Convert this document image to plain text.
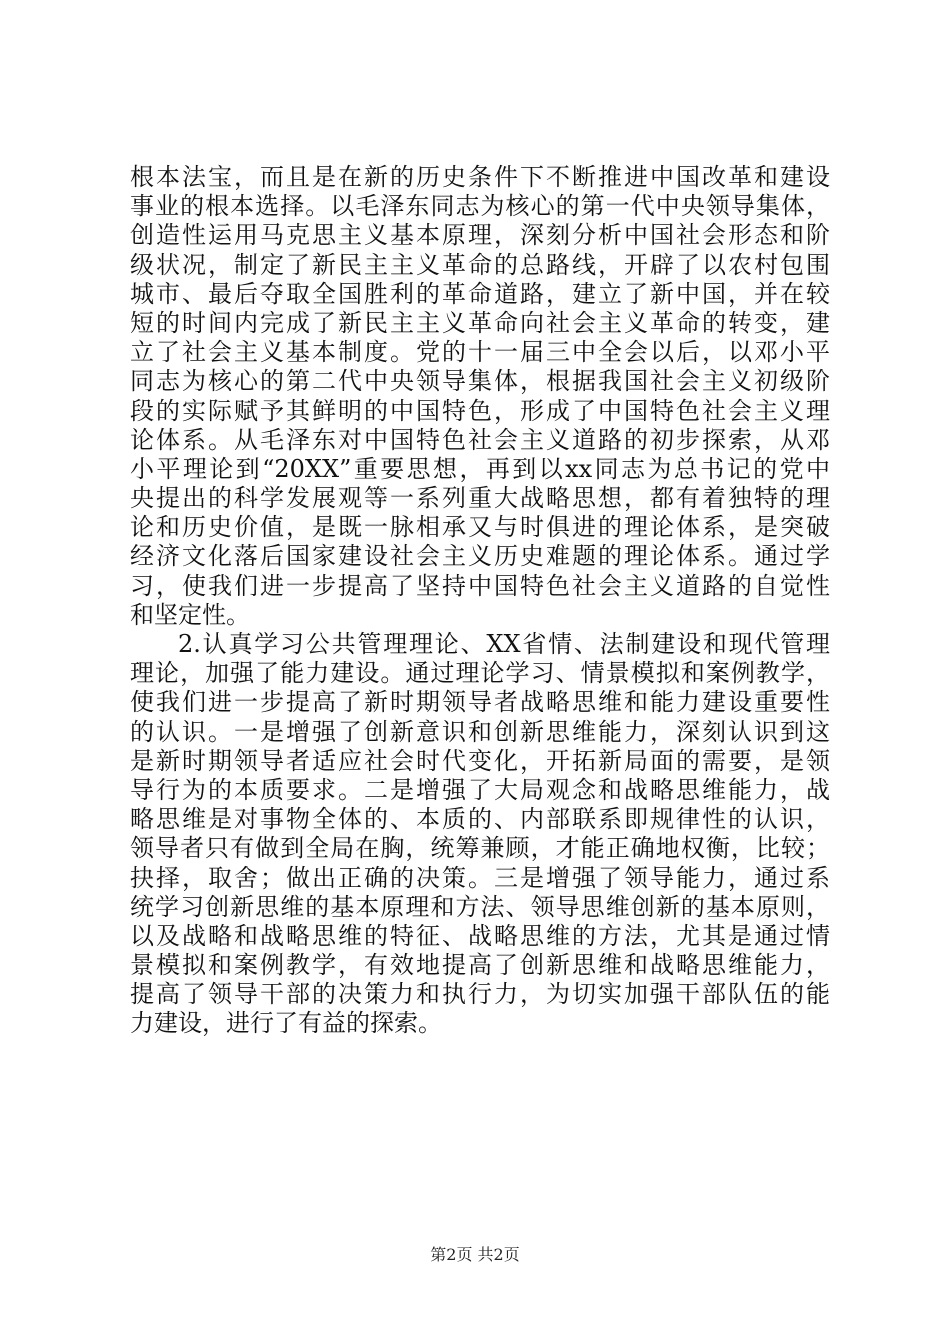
根本法宝，而且是在新的历史条件下不断推进中国改革和建设
事业的根本选择。以毛泽东同志为核心的第一代中央领导集体，
创造性运用马克思主义基本原理，深刻分析中国社会形态和阶
级状况，制定了新民主主义革命的总路线，开辟了以农村包围
城市、最后夺取全国胜利的革命道路，建立了新中国，并在较
短的时间内完成了新民主主义革命向社会主义革命的转变，建
立了社会主义基本制度。党的十一届三中全会以后，以邓小平
同志为核心的第二代中央领导集体，根据我国社会主义初级阶
段的实际赋予其鲜明的中国特色，形成了中国特色社会主义理
论体系。从毛泽东对中国特色社会主义道路的初步探索，从邓
小平理论到“20XX”重要思想，再到以xx同志为总书记的党中
央提出的科学发展观等一系列重大战略思想，都有着独特的理
论和历史价值，是既一脉相承又与时俱进的理论体系，是突破
经济文化落后国家建设社会主义历史难题的理论体系。通过学
习，使我们进一步提高了坚持中国特色社会主义道路的自觉性
和坚定性。
2.认真学习公共管理理论、XX省情、法制建设和现代管理
理论，加强了能力建设。通过理论学习、情景模拟和案例教学，
使我们进一步提高了新时期领导者战略思维和能力建设重要性
的认识。一是增强了创新意识和创新思维能力，深刻认识到这
是新时期领导者适应社会时代变化，开拓新局面的需要，是领
导行为的本质要求。二是增强了大局观念和战略思维能力，战
略思维是对事物全体的、本质的、内部联系即规律性的认识，
领导者只有做到全局在胸，统筹兼顾，才能正确地权衡，比较；
抉择，取舍；做出正确的决策。三是增强了领导能力，通过系
统学习创新思维的基本原理和方法、领导思维创新的基本原则，
以及战略和战略思维的特征、战略思维的方法，尤其是通过情
景模拟和案例教学，有效地提高了创新思维和战略思维能力，
提高了领导干部的决策力和执行力，为切实加强干部队伍的能
力建设，进行了有益的探索。
第2页 共2页
